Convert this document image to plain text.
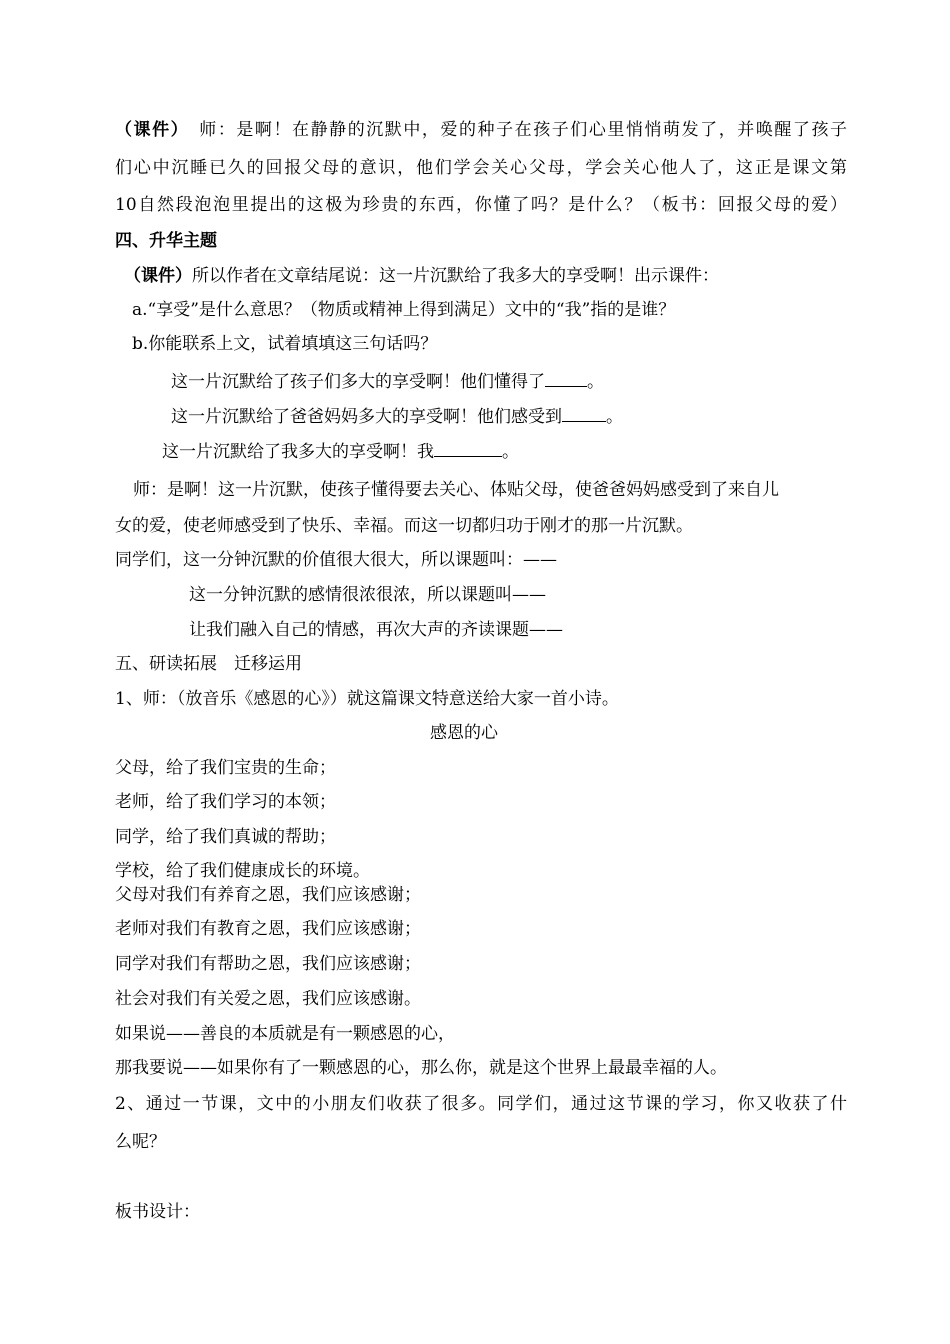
（课件）　 师：是啊！在静静的沉默中，爱的种子在孩子们心里悄悄萌发了，并唤醒了孩子
们心中沉睡已久的回报父母的意识，他们学会关心父母，学会关心他人了，这正是课文第
10自然段泡泡里提出的这极为珍贵的东西，你懂了吗？是什么？（板书：回报父母的爱）
四、升华主题
（课件）所以作者在文章结尾说：这一片沉默给了我多大的享受啊！出示课件：
a.“享受”是什么意思？（物质或精神上得到满足）文中的“我”指的是谁？
b.你能联系上文，试着填填这三句话吗？
这一片沉默给了孩子们多大的享受啊！他们懂得了 。
这一片沉默给了爸爸妈妈多大的享受啊！他们感受到	。
这一片沉默给了我多大的享受啊！我	。
师：是啊！这一片沉默，使孩子懂得要去关心、体贴父母，使爸爸妈妈感受到了来自儿
女的爱，使老师感受到了快乐、幸福。而这一切都归功于刚才的那一片沉默。
同学们，这一分钟沉默的价值很大很大，所以课题叫：——
这一分钟沉默的感情很浓很浓，所以课题叫——
让我们融入自己的情感，再次大声的齐读课题——
五、研读拓展　迁移运用
1、师：（放音乐《感恩的心》）就这篇课文特意送给大家一首小诗。
感恩的心
父母，给了我们宝贵的生命；
老师，给了我们学习的本领；
同学，给了我们真诚的帮助；
学校，给了我们健康成长的环境。
父母对我们有养育之恩，我们应该感谢；
老师对我们有教育之恩，我们应该感谢；
同学对我们有帮助之恩，我们应该感谢；
社会对我们有关爱之恩，我们应该感谢。
如果说——善良的本质就是有一颗感恩的心，
那我要说——如果你有了一颗感恩的心，那么你，就是这个世界上最最幸福的人。
2、通过一节课，文中的小朋友们收获了很多。同学们，通过这节课的学习，你又收获了什
么呢？
板书设计：
